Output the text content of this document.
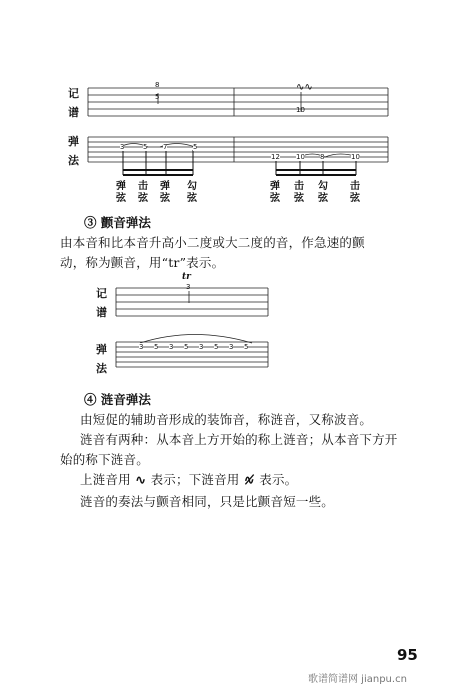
记
谱
弹
法
8
5
10
∿∿
3	5 7	5
12 10 8	10
弹
弦
击
弦
弹
弦
勾
弦
弹
弦
击
弦
勾
弦
击
弦
③ 颤音弹法
由本音和比本音升高小二度或大二度的音，作急速的颤
动，称为颤音，用“tr”表示。
记
谱
弹
法
tr
3
3 5 3 5 3 5 3 5
④ 涟音弹法
由短促的辅助音形成的装饰音，称涟音，又称波音。
涟音有两种：从本音上方开始的称上涟音；从本音下方开
始的称下涟音。
上涟音用 ∿ 表示；下涟音用 ∿̸ 表示。
涟音的奏法与颤音相同，只是比颤音短一些。
95
歌谱简谱网 jianpu.cn
